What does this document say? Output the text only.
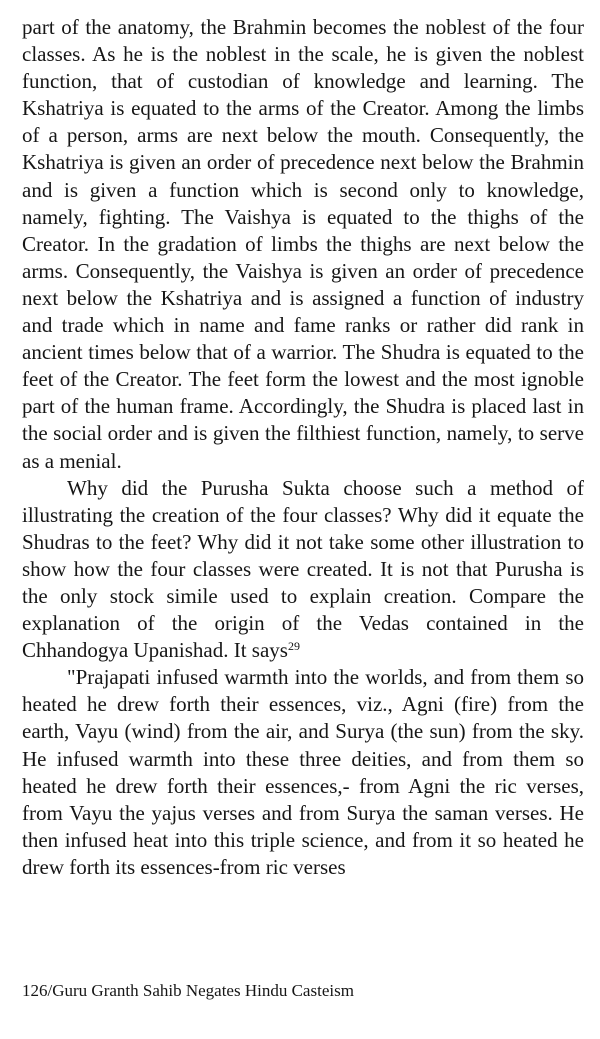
part of the anatomy, the Brahmin becomes the noblest of the four classes. As he is the noblest in the scale, he is given the noblest function, that of custodian of knowledge and learning. The Kshatriya is equated to the arms of the Creator. Among the limbs of a person, arms are next below the mouth. Consequently, the Kshatriya is given an order of precedence next below the Brahmin and is given a function which is second only to knowledge, namely, fighting. The Vaishya is equated to the thighs of the Creator. In the gradation of limbs the thighs are next below the arms. Consequently, the Vaishya is given an order of precedence next below the Kshatriya and is assigned a function of industry and trade which in name and fame ranks or rather did rank in ancient times below that of a warrior. The Shudra is equated to the feet of the Creator. The feet form the lowest and the most ignoble part of the human frame. Accordingly, the Shudra is placed last in the social order and is given the filthiest function, namely, to serve as a menial.

Why did the Purusha Sukta choose such a method of illustrating the creation of the four classes? Why did it equate the Shudras to the feet? Why did it not take some other illustration to show how the four classes were created. It is not that Purusha is the only stock simile used to explain creation. Compare the explanation of the origin of the Vedas contained in the Chhandogya Upanishad. It says$^{29}$

"Prajapati infused warmth into the worlds, and from them so heated he drew forth their essences, viz., Agni (fire) from the earth, Vayu (wind) from the air, and Surya (the sun) from the sky. He infused warmth into these three deities, and from them so heated he drew forth their essences,- from Agni the ric verses, from Vayu the yajus verses and from Surya the saman verses. He then infused heat into this triple science, and from it so heated he drew forth its essences-from ric verses

126/Guru Granth Sahib Negates Hindu Casteism
